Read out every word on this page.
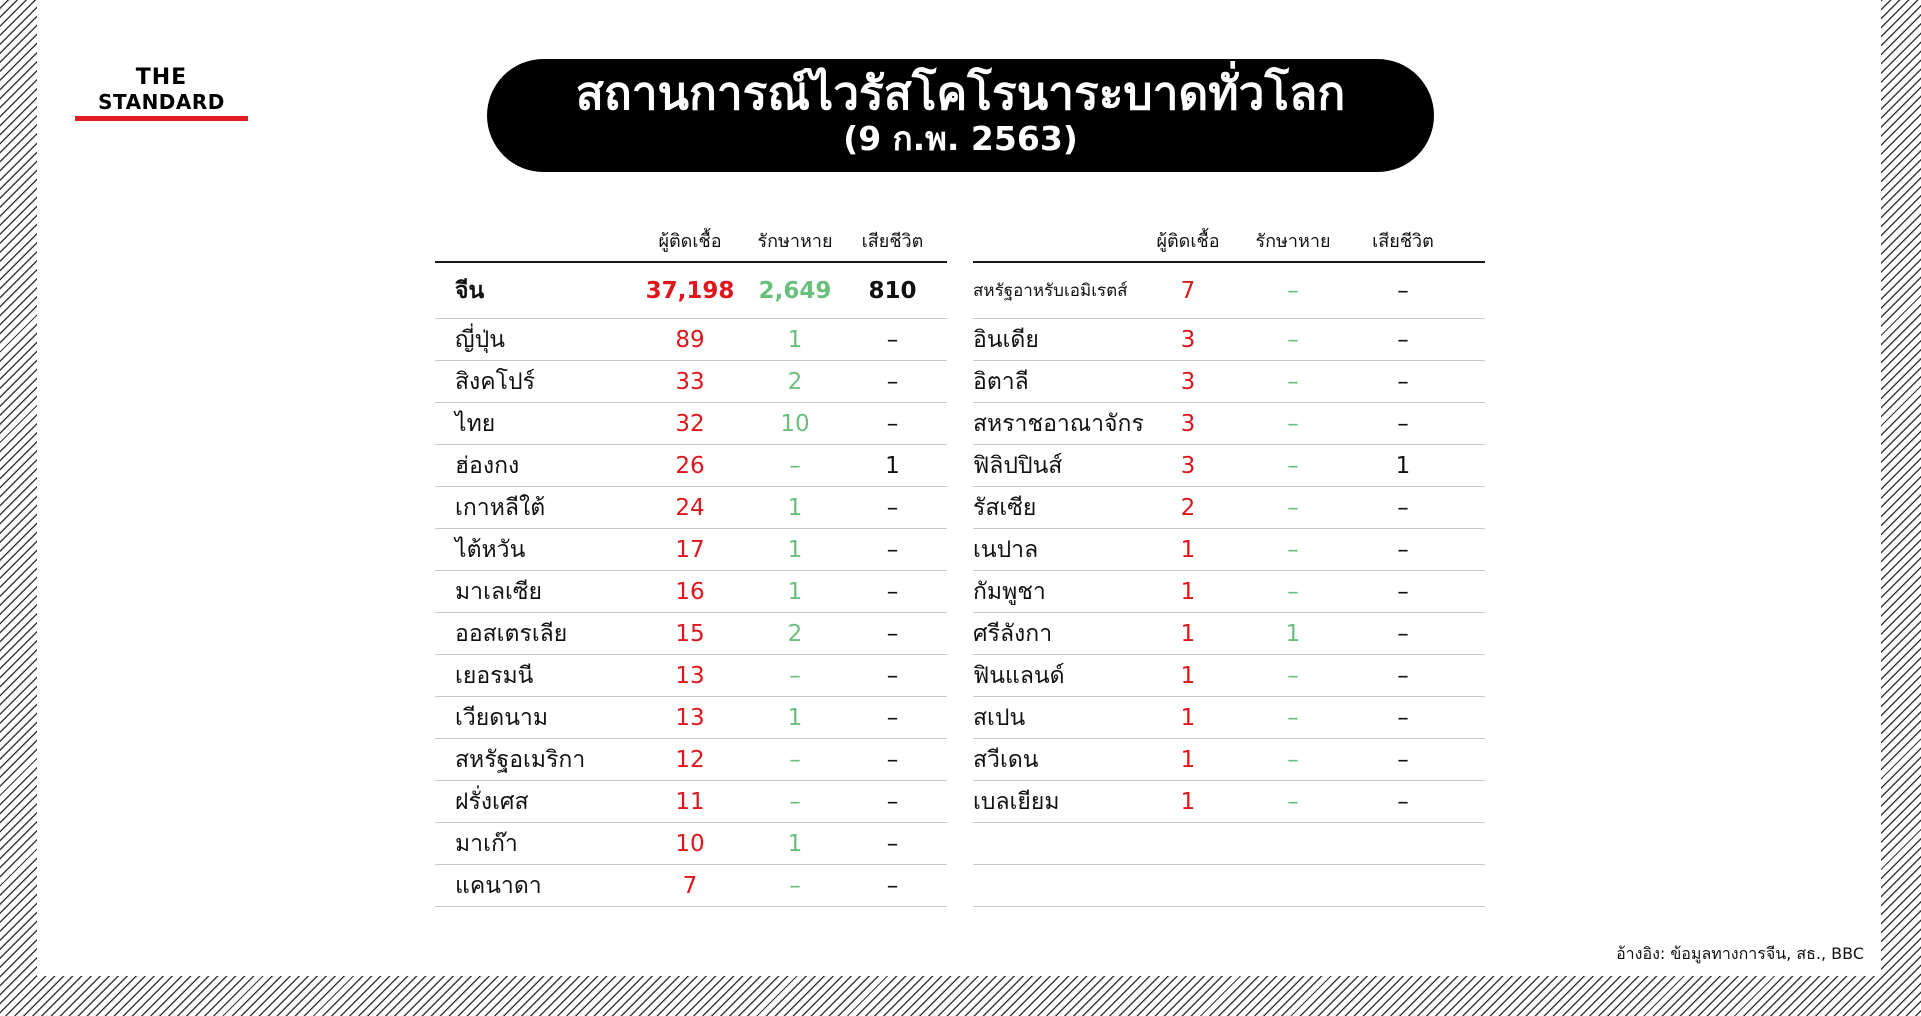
THE
STANDARD	สถานการณ์ไวรัสโคโรนาระบาดทั่วโลก
(9 ก.พ. 2563)
ผู้ติดเชื้อ	รักษาหาย	เสียชีวิต
จีน	37,198	2,649	810
ญี่ปุ่น	89	1	–
สิงคโปร์	33	2	–
ไทย	32	10	–
ฮ่องกง	26	–	1
เกาหลีใต้	24	1	–
ไต้หวัน	17	1	–
มาเลเซีย	16	1	–
ออสเตรเลีย	15	2	–
เยอรมนี	13	–	–
เวียดนาม	13	1	–
สหรัฐอเมริกา	12	–	–
ฝรั่งเศส	11	–	–
มาเก๊า	10	1	–
แคนาดา	7	–	–
ผู้ติดเชื้อ	รักษาหาย	เสียชีวิต
สหรัฐอาหรับเอมิเรตส์	7	–	–
อินเดีย	3	–	–
อิตาลี	3	–	–
สหราชอาณาจักร	3	–	–
ฟิลิปปินส์	3	–	1
รัสเซีย	2	–	–
เนปาล	1	–	–
กัมพูชา	1	–	–
ศรีลังกา	1	1	–
ฟินแลนด์	1	–	–
สเปน	1	–	–
สวีเดน	1	–	–
เบลเยียม	1	–	–
อ้างอิง: ข้อมูลทางการจีน, สธ., BBC
